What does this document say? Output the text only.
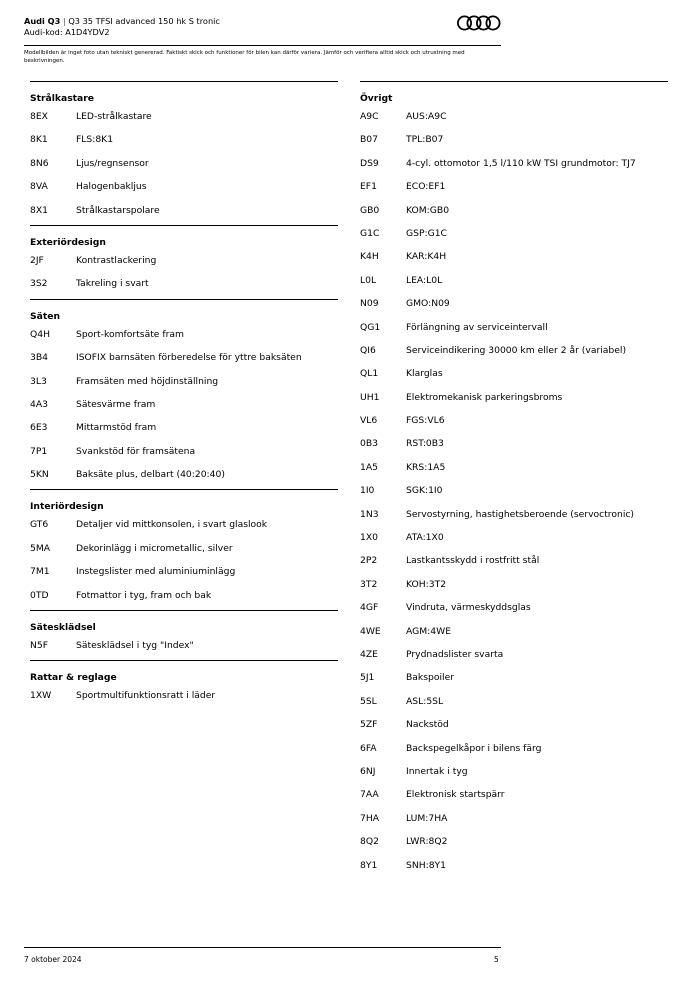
Audi Q3 | Q3 35 TFSI advanced 150 hk S tronic
Audi-kod: A1D4YDV2
Modellbilden är inget foto utan tekniskt genererad. Faktiskt skick och funktioner för bilen kan därför variera. Jämför och verifiera alltid skick och utrustning med beskrivningen.
Strålkastare
8EX	LED-strålkastare
8K1	FLS:8K1
8N6	Ljus/regnsensor
8VA	Halogenbakljus
8X1	Strålkastarspolare
Exteriördesign
2JF	Kontrastlackering
3S2	Takreling i svart
Säten
Q4H	Sport-komfortsäte fram
3B4	ISOFIX barnsäten förberedelse för yttre baksäten
3L3	Framsäten med höjdinställning
4A3	Sätesvärme fram
6E3	Mittarmstöd fram
7P1	Svankstöd för framsätena
5KN	Baksäte plus, delbart (40:20:40)
Interiördesign
GT6	Detaljer vid mittkonsolen, i svart glaslook
5MA	Dekorinlägg i micrometallic, silver
7M1	Instegslister med aluminiuminlägg
0TD	Fotmattor i tyg, fram och bak
Sätesklädsel
N5F	Sätesklädsel i tyg "Index"
Rattar & reglage
1XW	Sportmultifunktionsratt i läder
Övrigt
A9C	AUS:A9C
B07	TPL:B07
DS9	4-cyl. ottomotor 1,5 l/110 kW TSI grundmotor: TJ7
EF1	ECO:EF1
GB0	KOM:GB0
G1C	GSP:G1C
K4H	KAR:K4H
L0L	LEA:L0L
N09	GMO:N09
QG1	Förlängning av serviceintervall
QI6	Serviceindikering 30000 km eller 2 år (variabel)
QL1	Klarglas
UH1	Elektromekanisk parkeringsbroms
VL6	FGS:VL6
0B3	RST:0B3
1A5	KRS:1A5
1I0	SGK:1I0
1N3	Servostyrning, hastighetsberoende (servoctronic)
1X0	ATA:1X0
2P2	Lastkantsskydd i rostfritt stål
3T2	KOH:3T2
4GF	Vindruta, värmeskyddsglas
4WE	AGM:4WE
4ZE	Prydnadslister svarta
5J1	Bakspoiler
5SL	ASL:5SL
5ZF	Nackstöd
6FA	Backspegelkåpor i bilens färg
6NJ	Innertak i tyg
7AA	Elektronisk startspärr
7HA	LUM:7HA
8Q2	LWR:8Q2
8Y1	SNH:8Y1
7 oktober 2024	5
